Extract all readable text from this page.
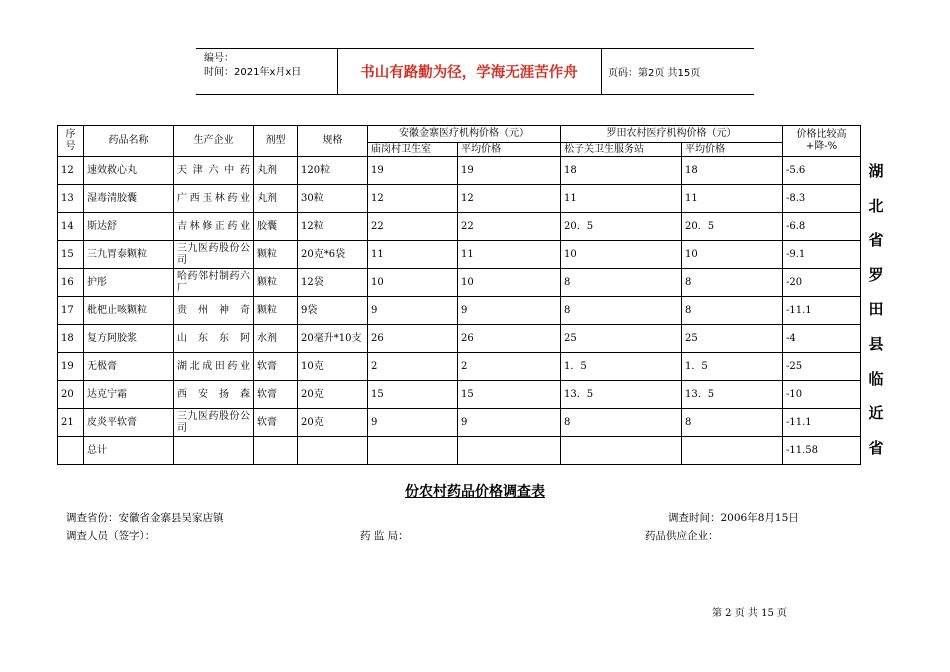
编号：
时间：2021年x月x日	书山有路勤为径，学海无涯苦作舟	页码：第2页 共15页
序号	药品名称	生产企业	剂型	规格	安徽金寨医疗机构价格（元）		罗田农村医疗机构价格（元）		价格比较高+降-%
					庙岗村卫生室	平均价格	松子关卫生服务站	平均价格	
12	速效救心丸	天津六中药	丸剂	120粒	19	19	18	18	-5.6
13	湿毒清胶囊	广西玉林药业	丸剂	30粒	12	12	11	11	-8.3
14	斯达舒	吉林修正药业	胶囊	12粒	22	22	20．5	20．5	-6.8
15	三九胃泰颗粒	三九医药股份公司	颗粒	20克*6袋	11	11	10	10	-9.1
16	护彤	哈药邻村制药六厂	颗粒	12袋	10	10	8	8	-20
17	枇杷止咳颗粒	贵州神奇	颗粒	9袋	9	9	8	8	-11.1
18	复方阿胶浆	山东东阿	水剂	20毫升*10支	26	26	25	25	-4
19	无极膏	湖北成田药业	软膏	10克	2	2	1．5	1．5	-25
20	达克宁霜	西安扬森	软膏	20克	15	15	13．5	13．5	-10
21	皮炎平软膏	三九医药股份公司	软膏	20克	9	9	8	8	-11.1
	总计								-11.58
湖
北
省
罗
田
县
临
近
省
份农村药品价格调查表
调查省份：安徽省金寨县吴家店镇	调查时间：2006年8月15日
调查人员（签字）：	药 监 局：	药品供应企业：
第 2 页 共 15 页
